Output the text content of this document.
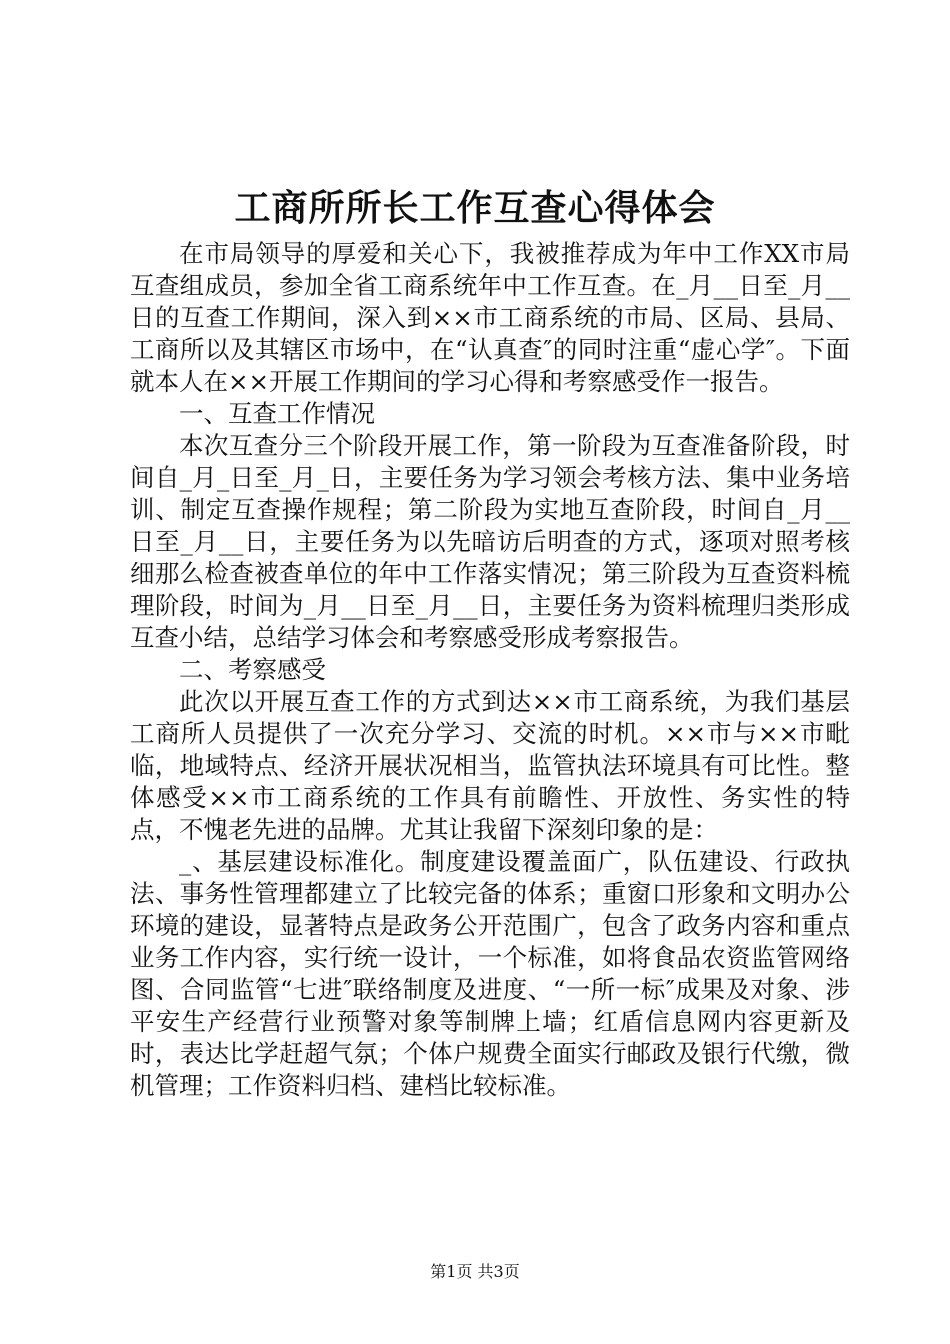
工商所所长工作互查心得体会

在市局领导的厚爱和关心下，我被推荐成为年中工作XX市局互查组成员，参加全省工商系统年中工作互查。在_月__日至_月__日的互查工作期间，深入到××市工商系统的市局、区局、县局、工商所以及其辖区市场中，在“认真查″的同时注重“虚心学″。下面就本人在××开展工作期间的学习心得和考察感受作一报告。

一、互查工作情况

本次互查分三个阶段开展工作，第一阶段为互查准备阶段，时间自_月_日至_月_日，主要任务为学习领会考核方法、集中业务培训、制定互查操作规程；第二阶段为实地互查阶段，时间自_月__日至_月__日，主要任务为以先暗访后明查的方式，逐项对照考核细那么检查被查单位的年中工作落实情况；第三阶段为互查资料梳理阶段，时间为_月__日至_月__日，主要任务为资料梳理归类形成互查小结，总结学习体会和考察感受形成考察报告。

二、考察感受

此次以开展互查工作的方式到达××市工商系统，为我们基层工商所人员提供了一次充分学习、交流的时机。××市与××市毗临，地域特点、经济开展状况相当，监管执法环境具有可比性。整体感受××市工商系统的工作具有前瞻性、开放性、务实性的特点，不愧老先进的品牌。尤其让我留下深刻印象的是：

_、基层建设标准化。制度建设覆盖面广，队伍建设、行政执法、事务性管理都建立了比较完备的体系；重窗口形象和文明办公环境的建设，显著特点是政务公开范围广，包含了政务内容和重点业务工作内容，实行统一设计，一个标准，如将食品农资监管网络图、合同监管“七进″联络制度及进度、“一所一标″成果及对象、涉平安生产经营行业预警对象等制牌上墙；红盾信息网内容更新及时，表达比学赶超气氛；个体户规费全面实行邮政及银行代缴，微机管理；工作资料归档、建档比较标准。

第1页 共3页
